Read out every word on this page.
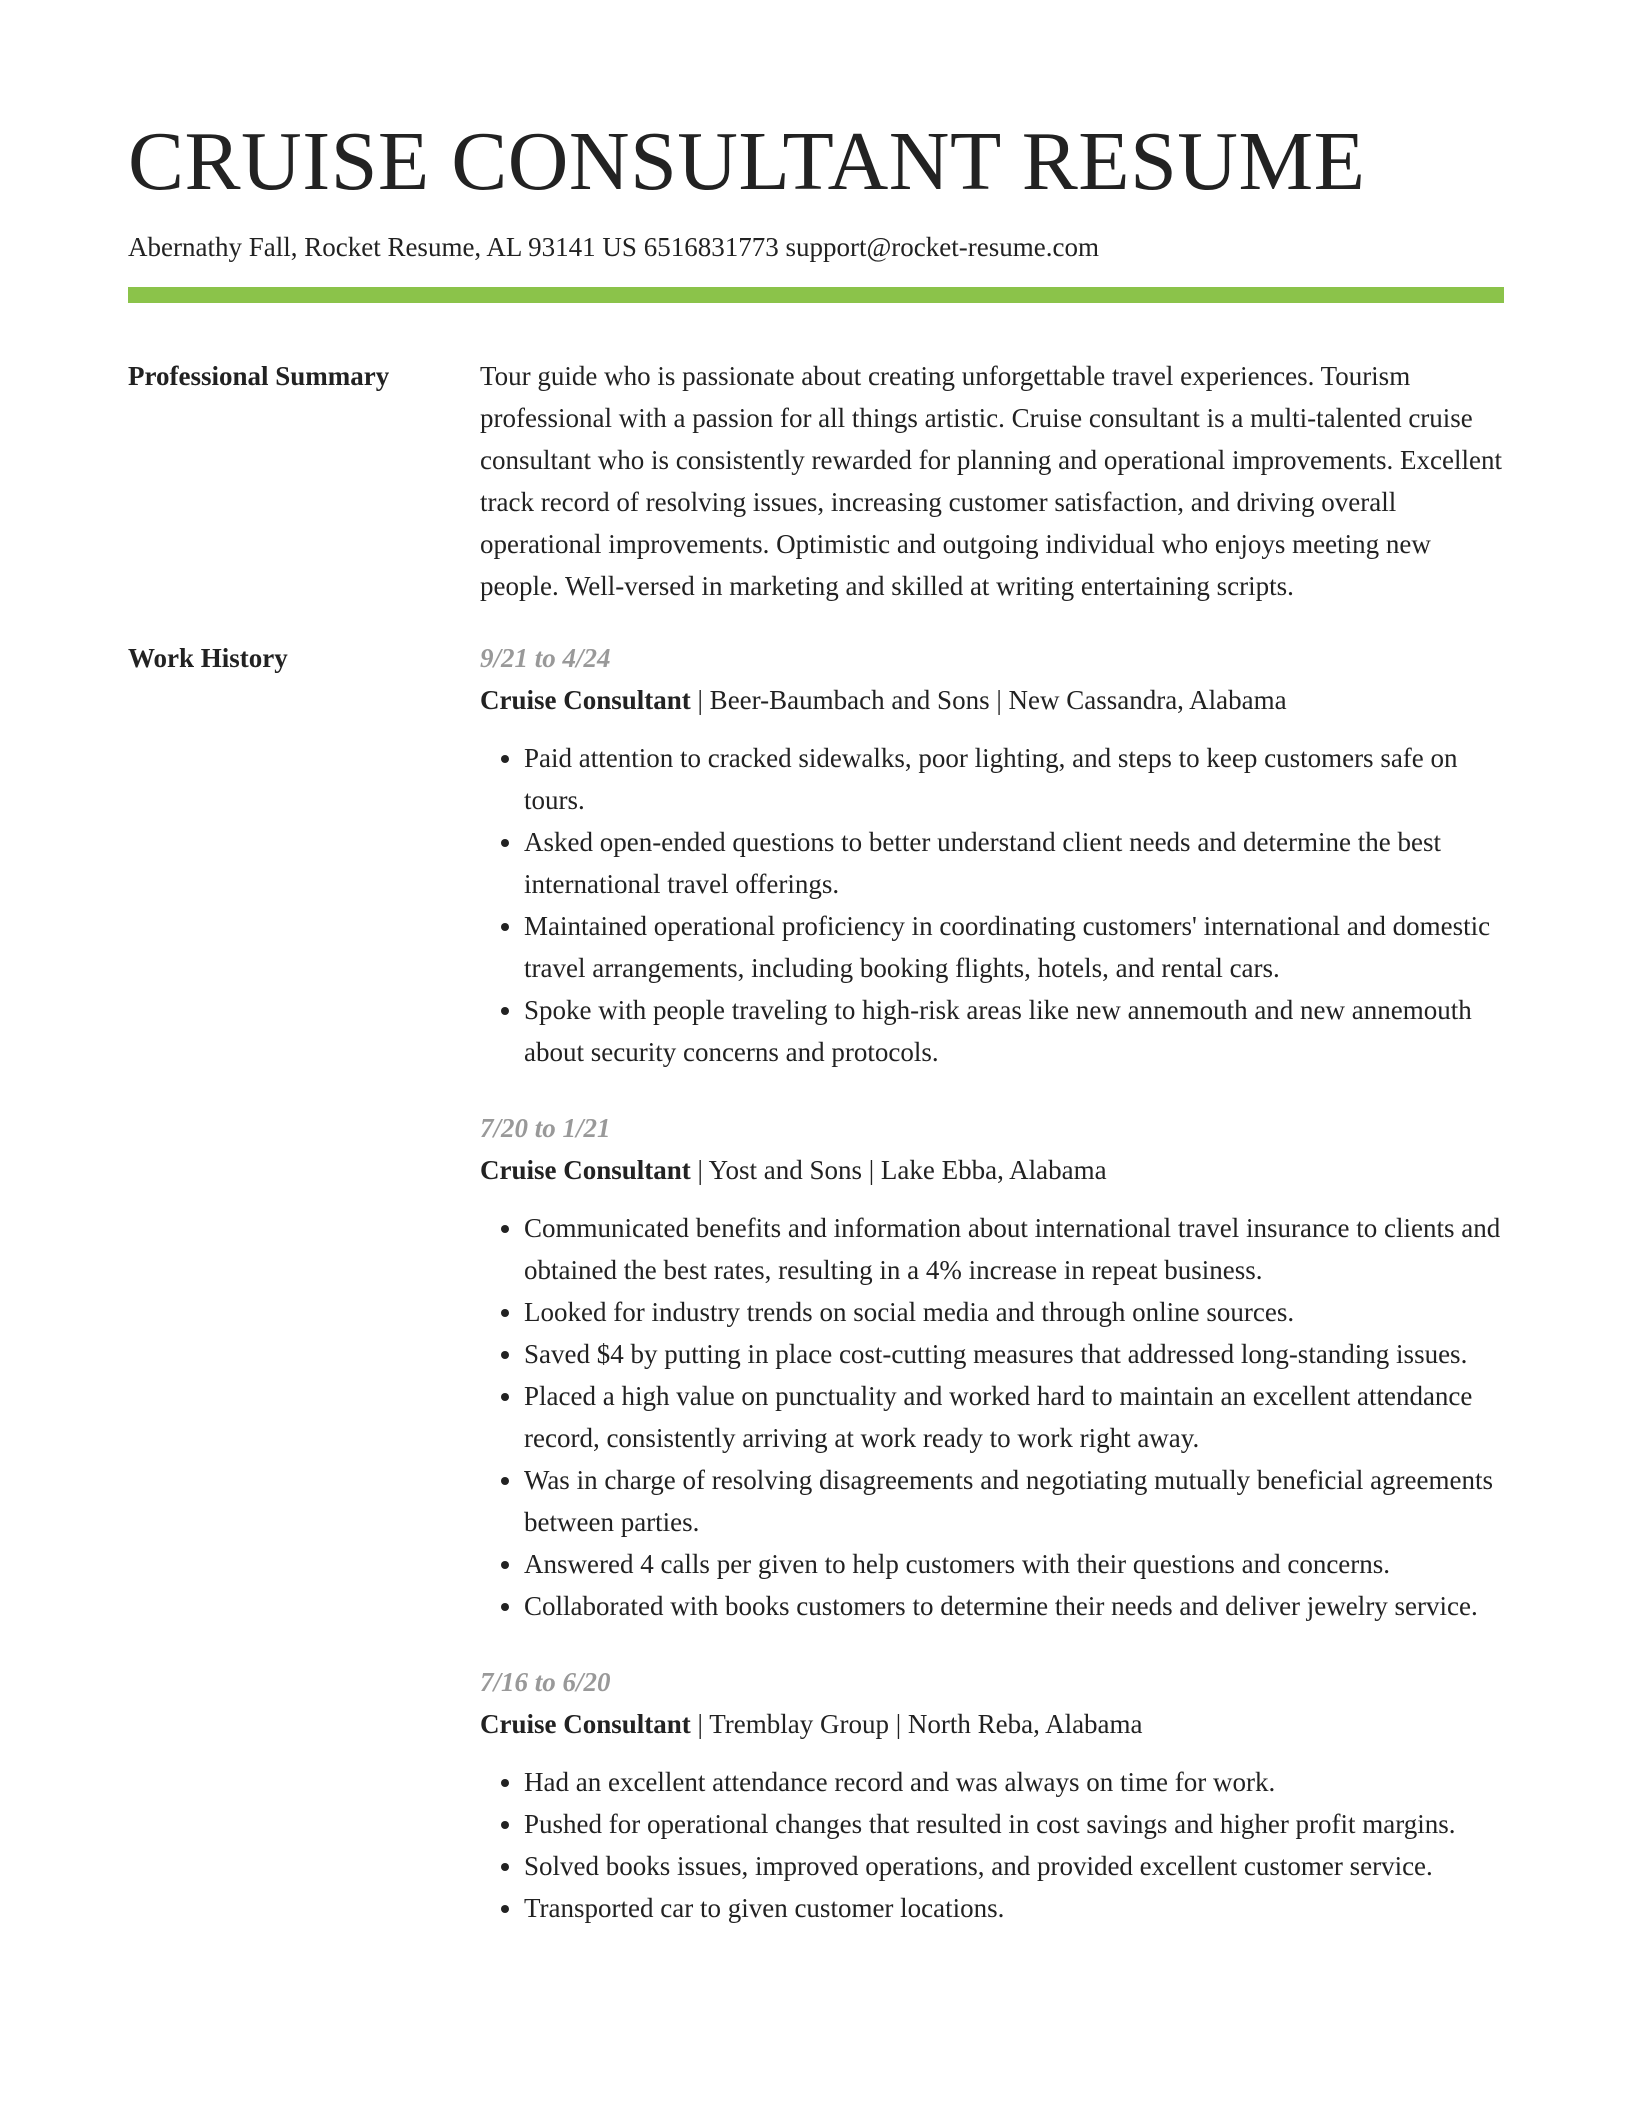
CRUISE CONSULTANT RESUME
Abernathy Fall, Rocket Resume, AL 93141 US 6516831773 support@rocket-resume.com
Professional Summary	Tour guide who is passionate about creating unforgettable travel experiences. Tourism professional with a passion for all things artistic. Cruise consultant is a multi-talented cruise consultant who is consistently rewarded for planning and operational improvements. Excellent track record of resolving issues, increasing customer satisfaction, and driving overall operational improvements. Optimistic and outgoing individual who enjoys meeting new people. Well-versed in marketing and skilled at writing entertaining scripts.

Work History	9/21 to 4/24
Cruise Consultant | Beer-Baumbach and Sons | New Cassandra, Alabama
• Paid attention to cracked sidewalks, poor lighting, and steps to keep customers safe on tours.
• Asked open-ended questions to better understand client needs and determine the best international travel offerings.
• Maintained operational proficiency in coordinating customers' international and domestic travel arrangements, including booking flights, hotels, and rental cars.
• Spoke with people traveling to high-risk areas like new annemouth and new annemouth about security concerns and protocols.
7/20 to 1/21
Cruise Consultant | Yost and Sons | Lake Ebba, Alabama
• Communicated benefits and information about international travel insurance to clients and obtained the best rates, resulting in a 4% increase in repeat business.
• Looked for industry trends on social media and through online sources.
• Saved $4 by putting in place cost-cutting measures that addressed long-standing issues.
• Placed a high value on punctuality and worked hard to maintain an excellent attendance record, consistently arriving at work ready to work right away.
• Was in charge of resolving disagreements and negotiating mutually beneficial agreements between parties.
• Answered 4 calls per given to help customers with their questions and concerns.
• Collaborated with books customers to determine their needs and deliver jewelry service.
7/16 to 6/20
Cruise Consultant | Tremblay Group | North Reba, Alabama
• Had an excellent attendance record and was always on time for work.
• Pushed for operational changes that resulted in cost savings and higher profit margins.
• Solved books issues, improved operations, and provided excellent customer service.
• Transported car to given customer locations.
